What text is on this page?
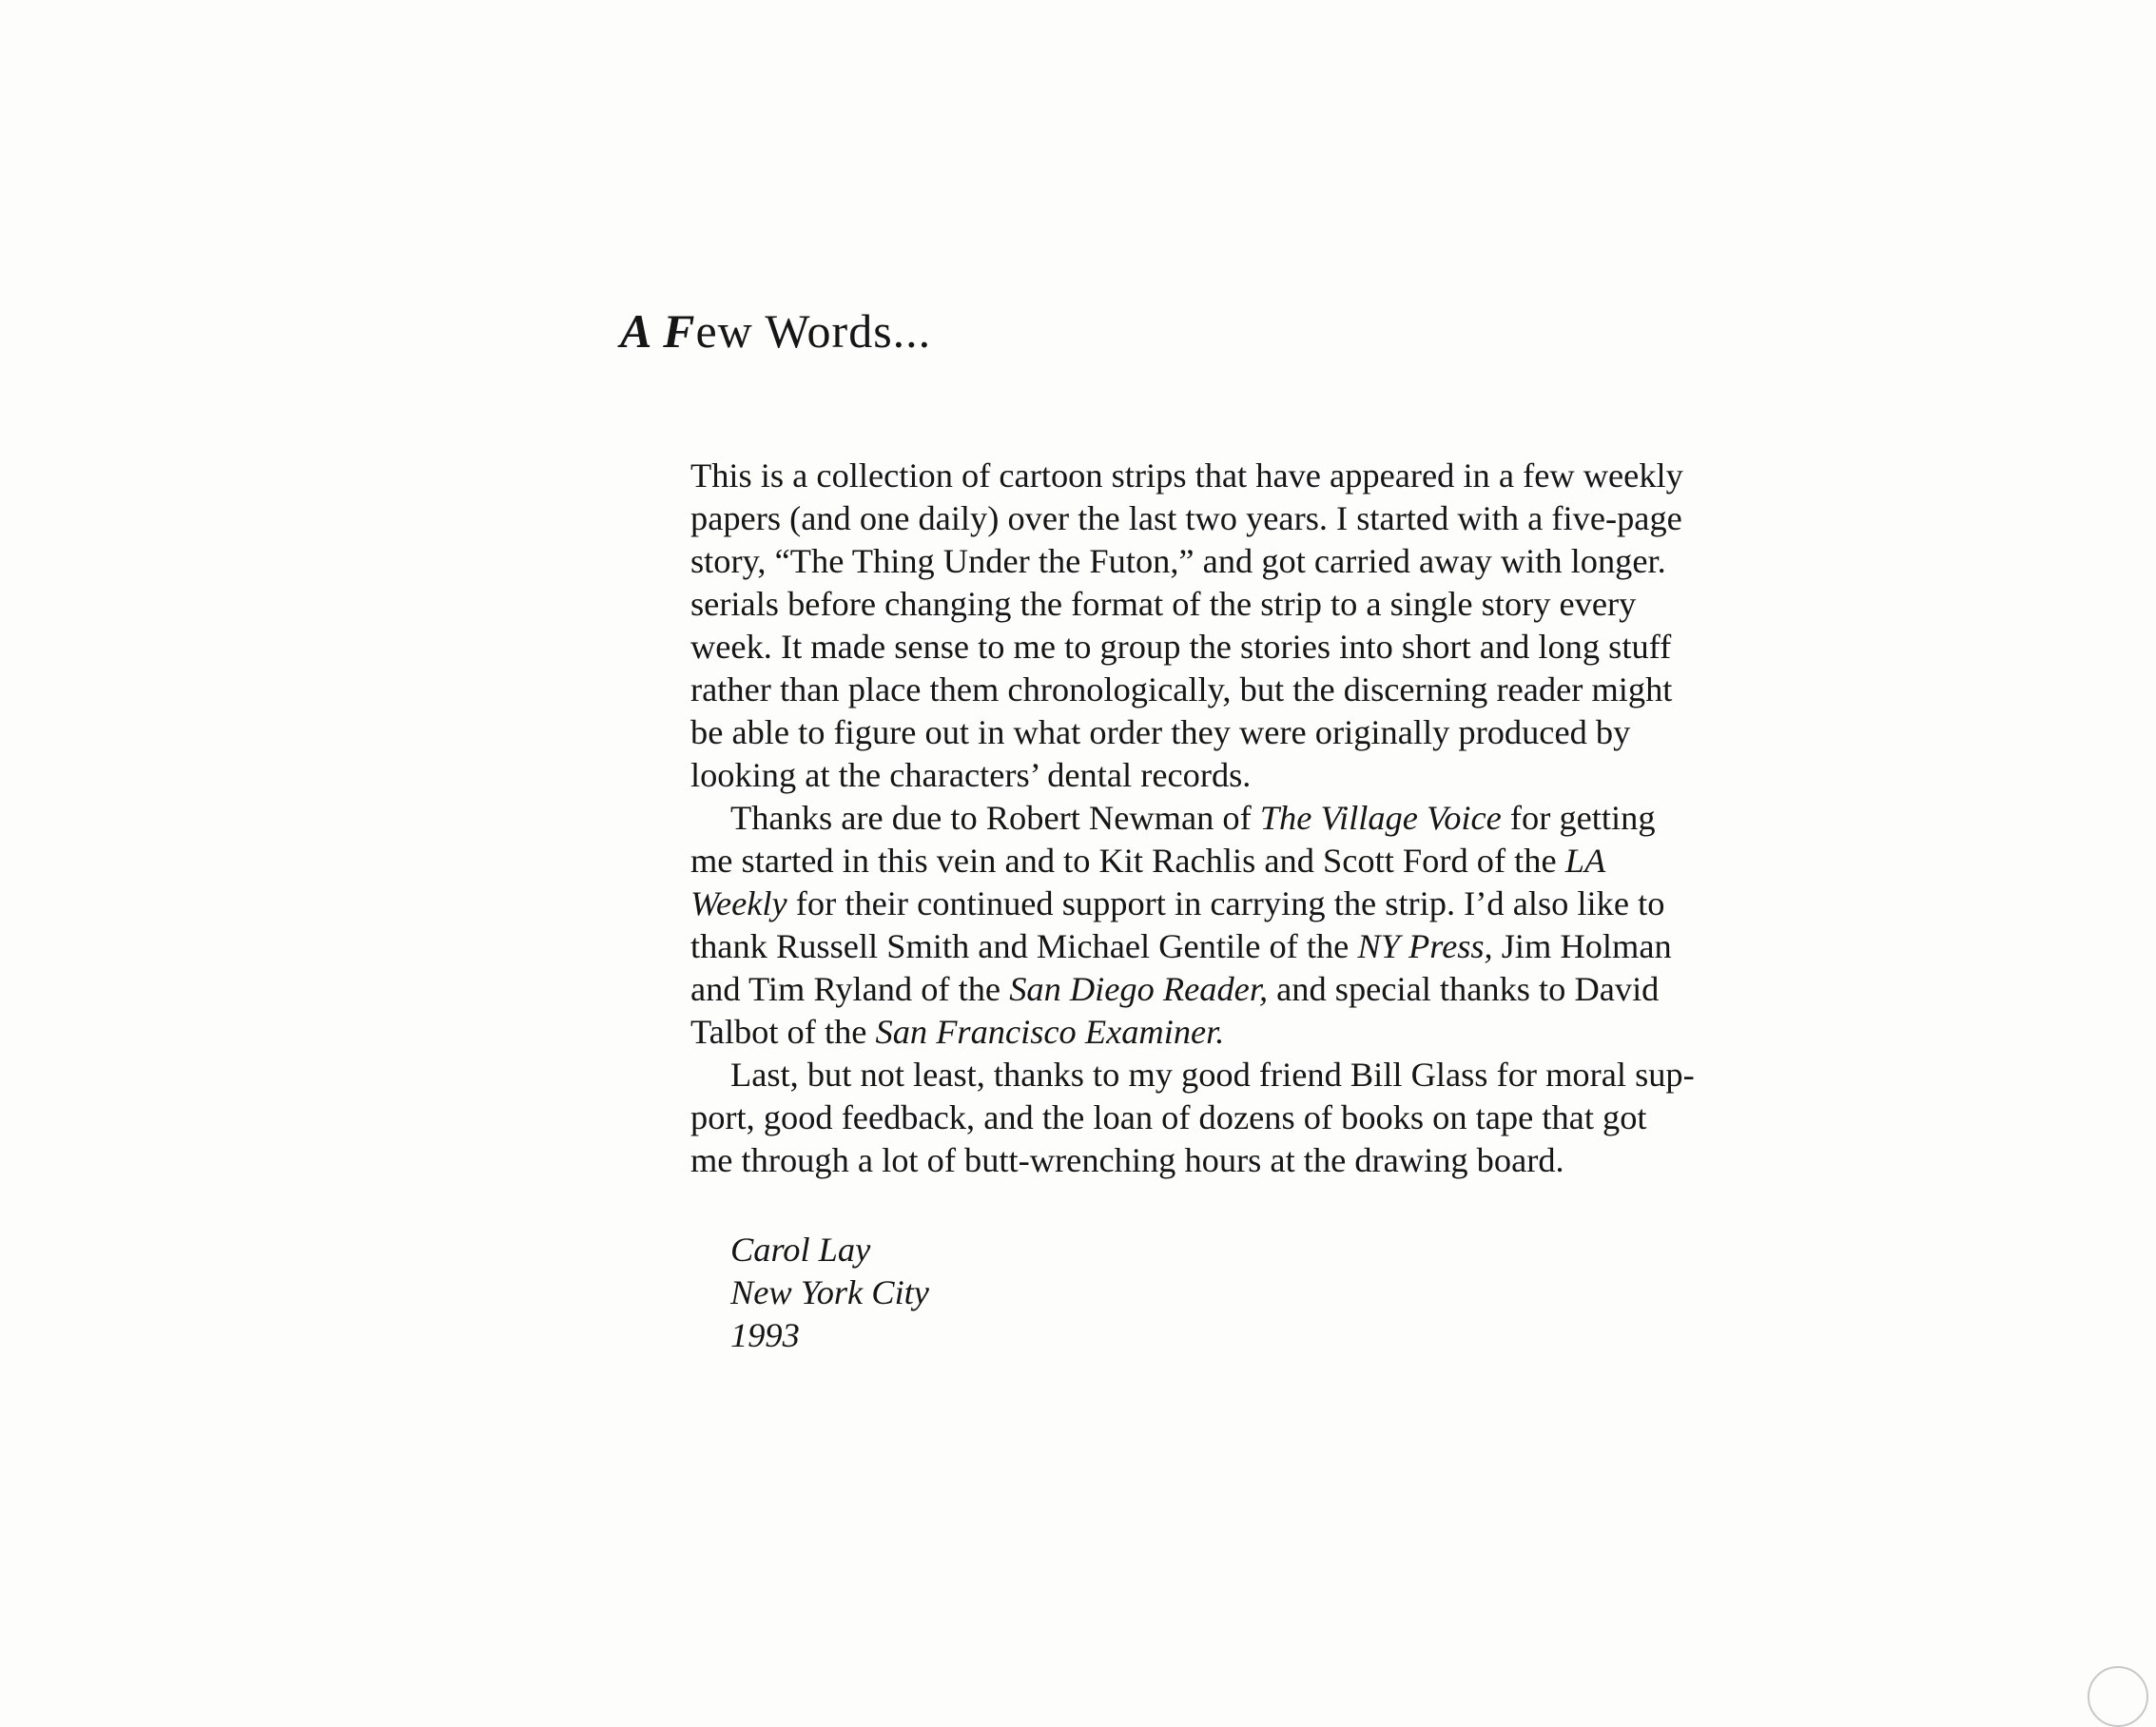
A Few Words...
This is a collection of cartoon strips that have appeared in a few weekly
papers (and one daily) over the last two years. I started with a five-page
story, “The Thing Under the Futon,” and got carried away with longer.
serials before changing the format of the strip to a single story every
week. It made sense to me to group the stories into short and long stuff
rather than place them chronologically, but the discerning reader might
be able to figure out in what order they were originally produced by
looking at the characters’ dental records.
Thanks are due to Robert Newman of The Village Voice for getting
me started in this vein and to Kit Rachlis and Scott Ford of the LA
Weekly for their continued support in carrying the strip. I’d also like to
thank Russell Smith and Michael Gentile of the NY Press, Jim Holman
and Tim Ryland of the San Diego Reader, and special thanks to David
Talbot of the San Francisco Examiner.
Last, but not least, thanks to my good friend Bill Glass for moral sup-
port, good feedback, and the loan of dozens of books on tape that got
me through a lot of butt-wrenching hours at the drawing board.
Carol Lay
New York City
1993
